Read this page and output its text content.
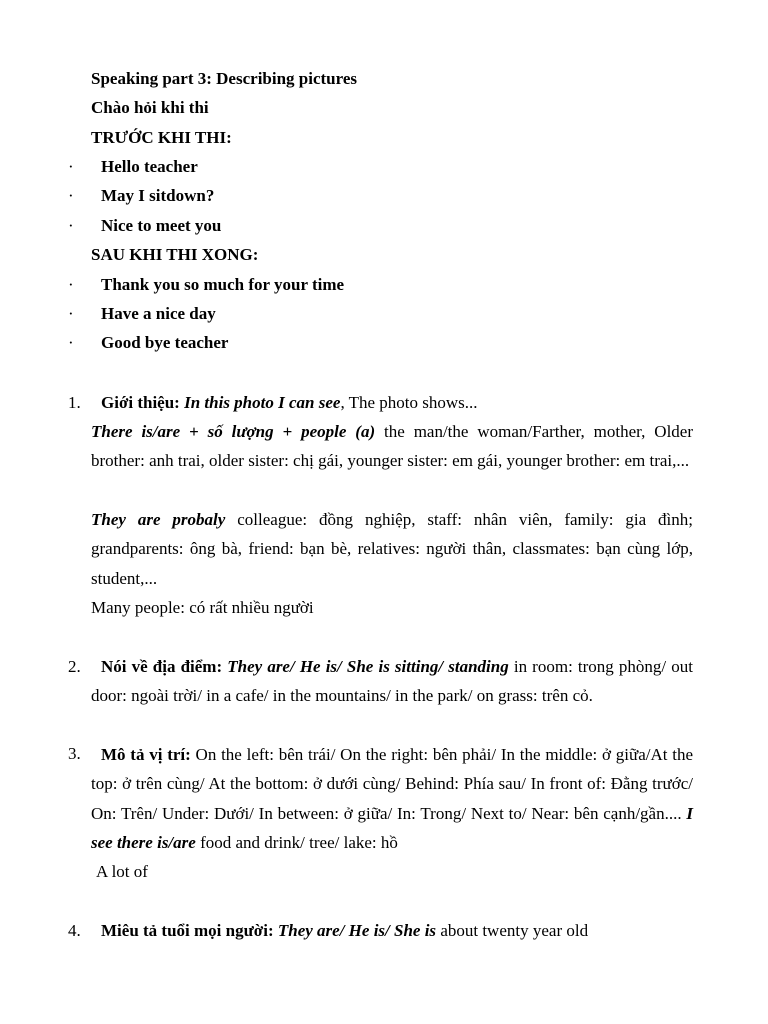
Speaking part 3: Describing pictures
Chào hỏi khi thi
TRƯỚC KHI THI:
· Hello teacher
· May I sitdown?
· Nice to meet you
SAU KHI THI XONG:
· Thank you so much for your time
· Have a nice day
· Good bye teacher
1. Giới thiệu: In this photo I can see, The photo shows...
There is/are + số lượng + people (a) the man/the woman/Farther, mother, Older brother: anh trai, older sister: chị gái, younger sister: em gái, younger brother: em trai,...
They are probaly colleague: đồng nghiệp, staff: nhân viên, family: gia đình; grandparents: ông bà, friend: bạn bè, relatives: người thân, classmates: bạn cùng lớp, student,...
Many people: có rất nhiều người
2.	Nói về địa điểm: They are/ He is/ She is sitting/ standing in room: trong phòng/ out door: ngoài trời/ in a cafe/ in the mountains/ in the park/ on grass: trên cỏ.
3.	Mô tả vị trí: On the left: bên trái/ On the right: bên phải/ In the middle: ở giữa/At the top: ở trên cùng/ At the bottom: ở dưới cùng/ Behind: Phía sau/ In front of: Đằng trước/ On: Trên/ Under: Dưới/ In between: ở giữa/ In: Trong/ Next to/ Near: bên cạnh/gần.... I see there is/are food and drink/ tree/ lake: hồ
A lot of
4. Miêu tả tuổi mọi người: They are/ He is/ She is about twenty year old
